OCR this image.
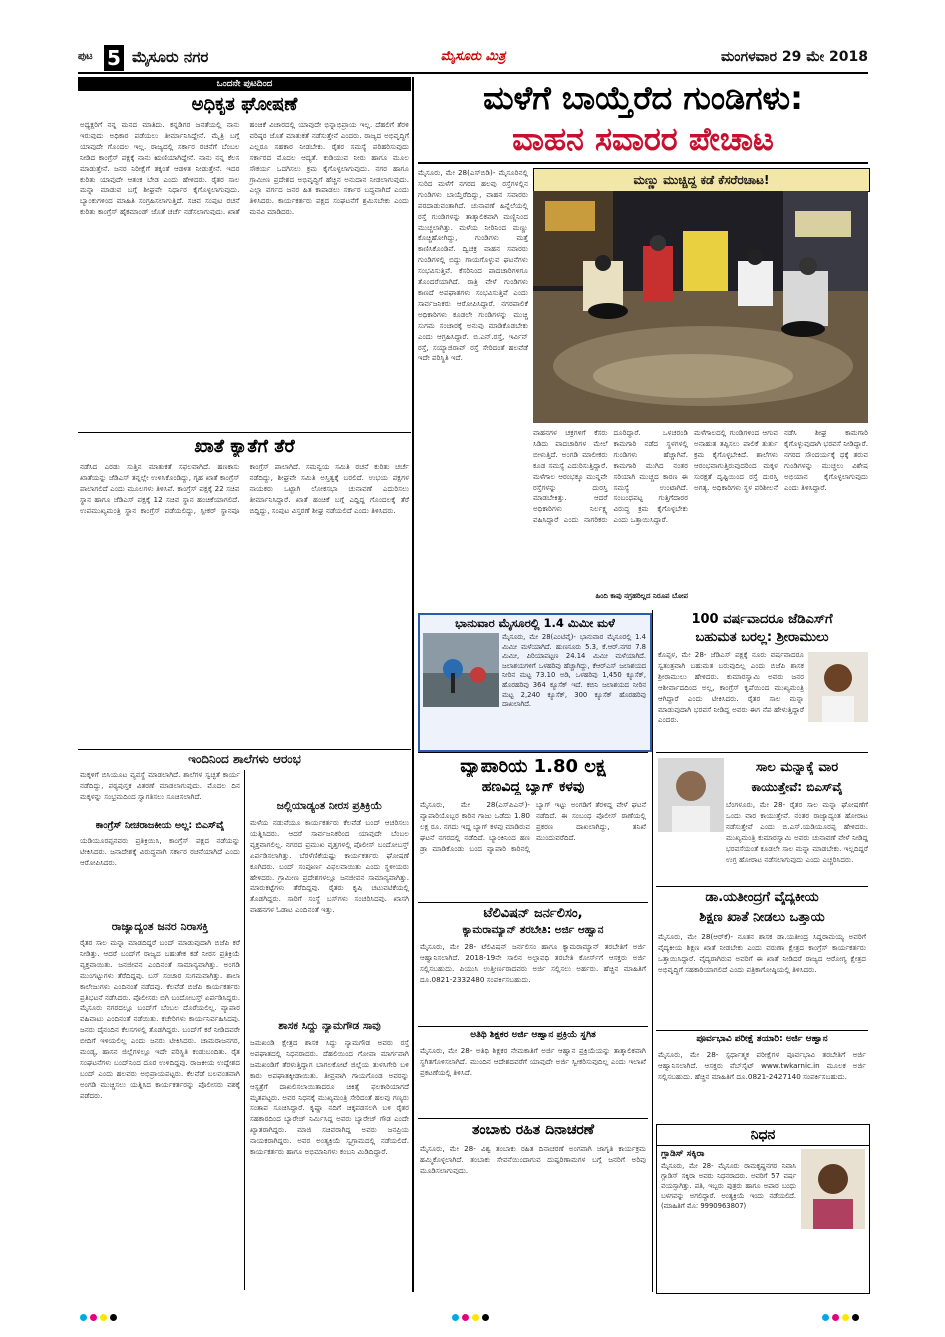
ಪುಟ 5 ಮೈಸೂರು ನಗರ	ಮೈಸೂರು ಮಿತ್ರ	ಮಂಗಳವಾರ 29 ಮೇ 2018
ಒಂದನೇ ಪುಟದಿಂದ
ಅಧಿಕೃತ ಘೋಷಣೆ
ಅಧ್ಯಕ್ಷರಿಗೆ ನನ್ನ ಮನದ ಮಾತಿದು. ಕನ್ನಡಿಗರ ಜನತೆಯಲ್ಲಿ ನಾನು ಇರುವುದು ಅಧಿಕಾರ ಪಡೆಯಲು ತೀರ್ಮಾನಿಸಿದ್ದೇನೆ. ಮೈತ್ರಿ ಬಗ್ಗೆ ಯಾವುದೇ ಗೊಂದಲ ಇಲ್ಲ. ರಾಜ್ಯದಲ್ಲಿ ಸರ್ಕಾರ ರಚನೆಗೆ ಬೆಂಬಲ ನೀಡಿದ ಕಾಂಗ್ರೆಸ್ ಪಕ್ಷಕ್ಕೆ ನಾನು ಋಣಿಯಾಗಿದ್ದೇನೆ. ನಾನು ನನ್ನ ಕೆಲಸ ಮಾಡುತ್ತೇನೆ. ಜನರ ನಿರೀಕ್ಷೆಗೆ ತಕ್ಕಂತೆ ಆಡಳಿತ ನೀಡುತ್ತೇನೆ. ಇದರ ಕುರಿತು ಯಾವುದೇ ಆತಂಕ ಬೇಡ ಎಂದು ಹೇಳಿದರು. ರೈತರ ಸಾಲ ಮನ್ನಾ ಮಾಡುವ ಬಗ್ಗೆ ಶೀಘ್ರವೇ ನಿರ್ಧಾರ ಕೈಗೊಳ್ಳಲಾಗುವುದು. ಬ್ಯಾಂಕುಗಳಿಂದ ಮಾಹಿತಿ ಸಂಗ್ರಹಿಸಲಾಗುತ್ತಿದೆ. ಸಚಿವ ಸಂಪುಟ ರಚನೆ ಕುರಿತು ಕಾಂಗ್ರೆಸ್ ಹೈಕಮಾಂಡ್ ಜೊತೆ ಚರ್ಚೆ ನಡೆಸಲಾಗುವುದು. ಖಾತೆ ಹಂಚಿಕೆ ವಿಚಾರದಲ್ಲಿ ಯಾವುದೇ ಭಿನ್ನಾಭಿಪ್ರಾಯ ಇಲ್ಲ. ದೆಹಲಿಗೆ ತೆರಳಿ ವರಿಷ್ಠರ ಜೊತೆ ಮಾತುಕತೆ ನಡೆಸುತ್ತೇನೆ ಎಂದರು. ರಾಜ್ಯದ ಅಭಿವೃದ್ಧಿಗೆ ಎಲ್ಲರೂ ಸಹಕಾರ ನೀಡಬೇಕು. ರೈತರ ಸಮಸ್ಯೆ ಪರಿಹರಿಸುವುದು ಸರ್ಕಾರದ ಮೊದಲ ಆದ್ಯತೆ. ಕುಡಿಯುವ ನೀರು ಹಾಗೂ ಮೂಲ ಸೌಕರ್ಯ ಒದಗಿಸಲು ಕ್ರಮ ಕೈಗೊಳ್ಳಲಾಗುವುದು. ನಗರ ಹಾಗೂ ಗ್ರಾಮೀಣ ಪ್ರದೇಶದ ಅಭಿವೃದ್ಧಿಗೆ ಹೆಚ್ಚಿನ ಅನುದಾನ ನೀಡಲಾಗುವುದು. ಎಲ್ಲಾ ವರ್ಗದ ಜನರ ಹಿತ ಕಾಪಾಡಲು ಸರ್ಕಾರ ಬದ್ಧವಾಗಿದೆ ಎಂದು ತಿಳಿಸಿದರು. ಕಾರ್ಯಕರ್ತರು ಪಕ್ಷದ ಸಂಘಟನೆಗೆ ಶ್ರಮಿಸಬೇಕು ಎಂದು ಮನವಿ ಮಾಡಿದರು.
ಖಾತೆ ಕ್ಯಾತೆಗೆ ತೆರೆ
ನಡೆಸಿದ ಎರಡು ಸುತ್ತಿನ ಮಾತುಕತೆ ಸಫಲವಾಗಿದೆ. ಹಣಕಾಸು ಖಾತೆಯನ್ನು ಜೆಡಿಎಸ್ ತನ್ನಲ್ಲೇ ಉಳಿಸಿಕೊಂಡಿದ್ದು, ಗೃಹ ಖಾತೆ ಕಾಂಗ್ರೆಸ್ ಪಾಲಾಗಲಿದೆ ಎಂದು ಮೂಲಗಳು ತಿಳಿಸಿವೆ. ಕಾಂಗ್ರೆಸ್ ಪಕ್ಷಕ್ಕೆ 22 ಸಚಿವ ಸ್ಥಾನ ಹಾಗೂ ಜೆಡಿಎಸ್ ಪಕ್ಷಕ್ಕೆ 12 ಸಚಿವ ಸ್ಥಾನ ಹಂಚಿಕೆಯಾಗಲಿದೆ. ಉಪಮುಖ್ಯಮಂತ್ರಿ ಸ್ಥಾನ ಕಾಂಗ್ರೆಸ್ ಪಡೆಯಲಿದ್ದು, ಸ್ಪೀಕರ್ ಸ್ಥಾನವೂ ಕಾಂಗ್ರೆಸ್ ಪಾಲಾಗಿದೆ. ಸಮನ್ವಯ ಸಮಿತಿ ರಚನೆ ಕುರಿತು ಚರ್ಚೆ ನಡೆದಿದ್ದು, ಶೀಘ್ರವೇ ಸಮಿತಿ ಅಸ್ತಿತ್ವಕ್ಕೆ ಬರಲಿದೆ. ಉಭಯ ಪಕ್ಷಗಳ ನಾಯಕರು ಒಟ್ಟಾಗಿ ಲೋಕಸಭಾ ಚುನಾವಣೆ ಎದುರಿಸಲು ತೀರ್ಮಾನಿಸಿದ್ದಾರೆ. ಖಾತೆ ಹಂಚಿಕೆ ಬಗ್ಗೆ ಎದ್ದಿದ್ದ ಗೊಂದಲಕ್ಕೆ ತೆರೆ ಬಿದ್ದಿದ್ದು, ಸಂಪುಟ ವಿಸ್ತರಣೆ ಶೀಘ್ರ ನಡೆಯಲಿದೆ ಎಂದು ತಿಳಿಸಿದರು.
ಇಂದಿನಿಂದ ಶಾಲೆಗಳು ಆರಂಭ
ಮಕ್ಕಳಿಗೆ ಬಿಸಿಯೂಟ ವ್ಯವಸ್ಥೆ ಮಾಡಲಾಗಿದೆ. ಶಾಲೆಗಳ ಸ್ವಚ್ಛತೆ ಕಾರ್ಯ ನಡೆದಿದ್ದು, ಪಠ್ಯಪುಸ್ತಕ ವಿತರಣೆ ಮಾಡಲಾಗುವುದು. ಮೊದಲ ದಿನ ಮಕ್ಕಳನ್ನು ಸಂಭ್ರಮದಿಂದ ಸ್ವಾಗತಿಸಲು ಸೂಚಿಸಲಾಗಿದೆ.
ಕಾಂಗ್ರೆಸ್ ನೀಚರಾಜಕೀಯ ಅಲ್ಲ: ಬಿಎಸ್‌ವೈ
ಯಡಿಯೂರಪ್ಪನವರು ಪ್ರತಿಕ್ರಿಯಿಸಿ, ಕಾಂಗ್ರೆಸ್ ಪಕ್ಷದ ನಡೆಯನ್ನು ಟೀಕಿಸಿದರು. ಜನಾದೇಶಕ್ಕೆ ವಿರುದ್ಧವಾಗಿ ಸರ್ಕಾರ ರಚನೆಯಾಗಿದೆ ಎಂದು ಆರೋಪಿಸಿದರು.
ರಾಜ್ಯಾದ್ಯಂತ ಜನರ ನಿರಾಸಕ್ತಿ
ರೈತರ ಸಾಲ ಮನ್ನಾ ಮಾಡದಿದ್ದರೆ ಬಂದ್ ಮಾಡುವುದಾಗಿ ಬಿಜೆಪಿ ಕರೆ ನೀಡಿತ್ತು. ಆದರೆ ಬಂದ್‌ಗೆ ರಾಜ್ಯದ ಬಹುತೇಕ ಕಡೆ ನೀರಸ ಪ್ರತಿಕ್ರಿಯೆ ವ್ಯಕ್ತವಾಯಿತು. ಜನಜೀವನ ಎಂದಿನಂತೆ ಸಾಮಾನ್ಯವಾಗಿತ್ತು. ಅಂಗಡಿ ಮುಂಗಟ್ಟುಗಳು ತೆರೆದಿದ್ದವು. ಬಸ್ ಸಂಚಾರ ಸುಗಮವಾಗಿತ್ತು. ಶಾಲಾ ಕಾಲೇಜುಗಳು ಎಂದಿನಂತೆ ನಡೆದವು. ಕೆಲವೆಡೆ ಬಿಜೆಪಿ ಕಾರ್ಯಕರ್ತರು ಪ್ರತಿಭಟನೆ ನಡೆಸಿದರು. ಪೊಲೀಸರು ಬಿಗಿ ಬಂದೋಬಸ್ತ್ ಏರ್ಪಡಿಸಿದ್ದರು. ಮೈಸೂರು ನಗರದಲ್ಲೂ ಬಂದ್‌ಗೆ ಬೆಂಬಲ ದೊರೆಯಲಿಲ್ಲ. ವ್ಯಾಪಾರ ವಹಿವಾಟು ಎಂದಿನಂತೆ ನಡೆಯಿತು. ಕಚೇರಿಗಳು ಕಾರ್ಯನಿರ್ವಹಿಸಿದವು. ಜನರು ದೈನಂದಿನ ಕೆಲಸಗಳಲ್ಲಿ ತೊಡಗಿದ್ದರು. ಬಂದ್‌ಗೆ ಕರೆ ನೀಡಿದವರೇ ಬೀದಿಗೆ ಇಳಿಯಲಿಲ್ಲ ಎಂದು ಜನರು ಟೀಕಿಸಿದರು. ಚಾಮರಾಜನಗರ, ಮಂಡ್ಯ, ಹಾಸನ ಜಿಲ್ಲೆಗಳಲ್ಲೂ ಇದೇ ಪರಿಸ್ಥಿತಿ ಕಂಡುಬಂದಿತು. ರೈತ ಸಂಘಟನೆಗಳು ಬಂದ್‌ನಿಂದ ದೂರ ಉಳಿದಿದ್ದವು. ರಾಜಕೀಯ ಉದ್ದೇಶದ ಬಂದ್ ಎಂದು ಹಲವರು ಅಭಿಪ್ರಾಯಪಟ್ಟರು. ಕೆಲವೆಡೆ ಬಲವಂತವಾಗಿ ಅಂಗಡಿ ಮುಚ್ಚಿಸಲು ಯತ್ನಿಸಿದ ಕಾರ್ಯಕರ್ತರನ್ನು ಪೊಲೀಸರು ವಶಕ್ಕೆ ಪಡೆದರು.
ಜಲ್ಲಿಯಾಡ್ಯಂತ ನೀರಸ ಪ್ರತಿಕ್ರಿಯೆ
ಮಳೆಯ ನಡುವೆಯೂ ಕಾರ್ಯಕರ್ತರು ಕೆಲವೆಡೆ ಬಂದ್ ಆಚರಿಸಲು ಯತ್ನಿಸಿದರು. ಆದರೆ ಸಾರ್ವಜನಿಕರಿಂದ ಯಾವುದೇ ಬೆಂಬಲ ವ್ಯಕ್ತವಾಗಲಿಲ್ಲ. ನಗರದ ಪ್ರಮುಖ ವೃತ್ತಗಳಲ್ಲಿ ಪೊಲೀಸ್ ಬಂದೋಬಸ್ತ್ ಏರ್ಪಡಿಸಲಾಗಿತ್ತು. ಬೆರಳೆಣಿಕೆಯಷ್ಟು ಕಾರ್ಯಕರ್ತರು ಘೋಷಣೆ ಕೂಗಿದರು. ಬಂದ್ ಸಂಪೂರ್ಣ ವಿಫಲವಾಯಿತು ಎಂದು ಸ್ಥಳೀಯರು ಹೇಳಿದರು. ಗ್ರಾಮೀಣ ಪ್ರದೇಶಗಳಲ್ಲೂ ಜನಜೀವನ ಸಾಮಾನ್ಯವಾಗಿತ್ತು. ಮಾರುಕಟ್ಟೆಗಳು ತೆರೆದಿದ್ದವು. ರೈತರು ಕೃಷಿ ಚಟುವಟಿಕೆಯಲ್ಲಿ ತೊಡಗಿದ್ದರು. ಸಾರಿಗೆ ಸಂಸ್ಥೆ ಬಸ್‌ಗಳು ಸಂಚರಿಸಿದವು. ಖಾಸಗಿ ವಾಹನಗಳ ಓಡಾಟ ಎಂದಿನಂತೆ ಇತ್ತು.
ಶಾಸಕ ಸಿದ್ದು ನ್ಯಾಮಗೌಡ ಸಾವು
ಜಮಖಂಡಿ ಕ್ಷೇತ್ರದ ಶಾಸಕ ಸಿದ್ದು ನ್ಯಾಮಗೌಡ ಅವರು ರಸ್ತೆ ಅಪಘಾತದಲ್ಲಿ ನಿಧನರಾದರು. ದೆಹಲಿಯಿಂದ ಗೋವಾ ಮಾರ್ಗವಾಗಿ ಜಮಖಂಡಿಗೆ ತೆರಳುತ್ತಿದ್ದಾಗ ಬಾಗಲಕೋಟೆ ಜಿಲ್ಲೆಯ ತುಳಸಿಗೇರಿ ಬಳಿ ಕಾರು ಅಪಘಾತಕ್ಕೀಡಾಯಿತು. ತೀವ್ರವಾಗಿ ಗಾಯಗೊಂಡ ಅವರನ್ನು ಆಸ್ಪತ್ರೆಗೆ ದಾಖಲಿಸಲಾಯಿತಾದರೂ ಚಿಕಿತ್ಸೆ ಫಲಕಾರಿಯಾಗದೆ ಮೃತಪಟ್ಟರು. ಅವರ ನಿಧನಕ್ಕೆ ಮುಖ್ಯಮಂತ್ರಿ ಸೇರಿದಂತೆ ಹಲವು ಗಣ್ಯರು ಸಂತಾಪ ಸೂಚಿಸಿದ್ದಾರೆ. ಕೃಷ್ಣಾ ನದಿಗೆ ಚಿಕ್ಕಪಡಸಲಗಿ ಬಳಿ ರೈತರ ಸಹಕಾರದಿಂದ ಬ್ಯಾರೇಜ್ ನಿರ್ಮಿಸಿದ್ದ ಅವರು ಬ್ಯಾರೇಜ್ ಗೌಡ ಎಂದೇ ಖ್ಯಾತರಾಗಿದ್ದರು. ಮಾಜಿ ಸಚಿವರಾಗಿದ್ದ ಅವರು ಜನಪ್ರಿಯ ನಾಯಕರಾಗಿದ್ದರು. ಅವರ ಅಂತ್ಯಕ್ರಿಯೆ ಸ್ವಗ್ರಾಮದಲ್ಲಿ ನಡೆಯಲಿದೆ. ಕಾರ್ಯಕರ್ತರು ಹಾಗೂ ಅಭಿಮಾನಿಗಳು ಕಂಬನಿ ಮಿಡಿದಿದ್ದಾರೆ.
ಮಳೆಗೆ ಬಾಯ್ತೆರೆದ ಗುಂಡಿಗಳು:
ವಾಹನ ಸವಾರರ ಪೇಚಾಟ
ಮೈಸೂರು, ಮೇ 28(ಎಸ್‌ಬಿಡಿ)- ಮೈಸೂರಿನಲ್ಲಿ ಸುರಿದ ಮಳೆಗೆ ನಗರದ ಹಲವು ರಸ್ತೆಗಳಲ್ಲಿನ ಗುಂಡಿಗಳು ಬಾಯ್ತೆರೆದಿದ್ದು, ವಾಹನ ಸವಾರರು ಪರದಾಡುವಂತಾಗಿದೆ. ಚುನಾವಣೆ ಹಿನ್ನೆಲೆಯಲ್ಲಿ ರಸ್ತೆ ಗುಂಡಿಗಳನ್ನು ತಾತ್ಕಾಲಿಕವಾಗಿ ಮಣ್ಣಿನಿಂದ ಮುಚ್ಚಲಾಗಿತ್ತು. ಮಳೆಯ ನೀರಿನಿಂದ ಮಣ್ಣು ಕೊಚ್ಚಿಹೋಗಿದ್ದು, ಗುಂಡಿಗಳು ಮತ್ತೆ ಕಾಣಿಸಿಕೊಂಡಿವೆ. ದ್ವಿಚಕ್ರ ವಾಹನ ಸವಾರರು ಗುಂಡಿಗಳಲ್ಲಿ ಬಿದ್ದು ಗಾಯಗೊಳ್ಳುವ ಘಟನೆಗಳು ಸಂಭವಿಸುತ್ತಿವೆ. ಕೆಸರಿನಿಂದ ಪಾದಚಾರಿಗಳಿಗೂ ತೊಂದರೆಯಾಗಿದೆ. ರಾತ್ರಿ ವೇಳೆ ಗುಂಡಿಗಳು ಕಾಣದೆ ಅಪಘಾತಗಳು ಸಂಭವಿಸುತ್ತಿವೆ ಎಂದು ಸಾರ್ವಜನಿಕರು ಆರೋಪಿಸಿದ್ದಾರೆ. ನಗರಪಾಲಿಕೆ ಅಧಿಕಾರಿಗಳು ಕೂಡಲೇ ಗುಂಡಿಗಳನ್ನು ಮುಚ್ಚಿ ಸುಗಮ ಸಂಚಾರಕ್ಕೆ ಅನುವು ಮಾಡಿಕೊಡಬೇಕು ಎಂದು ಆಗ್ರಹಿಸಿದ್ದಾರೆ. ಬಿ.ಎನ್.ರಸ್ತೆ, ಇರ್ವಿನ್ ರಸ್ತೆ, ಸಯ್ಯಾಜಿರಾವ್ ರಸ್ತೆ ಸೇರಿದಂತೆ ಹಲವೆಡೆ ಇದೇ ಪರಿಸ್ಥಿತಿ ಇದೆ.
ಮಣ್ಣು ಮುಚ್ಚಿದ್ದ ಕಡೆ ಕೆಸರೆರಚಾಟ!
ವಾಹನಗಳ ಚಕ್ರಗಳಿಗೆ ಕೆಸರು ಸಿಡಿದು ಪಾದಚಾರಿಗಳ ಮೇಲೆ ಬೀಳುತ್ತಿದೆ. ಅಂಗಡಿ ಮಾಲೀಕರು ಕೂಡ ಸಮಸ್ಯೆ ಎದುರಿಸುತ್ತಿದ್ದಾರೆ. ಮಳೆಗಾಲ ಆರಂಭಕ್ಕೂ ಮುನ್ನವೇ ರಸ್ತೆಗಳನ್ನು ದುರಸ್ತಿ ಮಾಡಬೇಕಿತ್ತು. ಆದರೆ ಅಧಿಕಾರಿಗಳು ನಿರ್ಲಕ್ಷ್ಯ ವಹಿಸಿದ್ದಾರೆ ಎಂದು ನಾಗರಿಕರು ದೂರಿದ್ದಾರೆ. ಒಳಚರಂಡಿ ಕಾಮಗಾರಿ ನಡೆದ ಸ್ಥಳಗಳಲ್ಲಿ ಗುಂಡಿಗಳು ಹೆಚ್ಚಾಗಿವೆ. ಕಾಮಗಾರಿ ಮುಗಿದ ನಂತರ ಸರಿಯಾಗಿ ಮುಚ್ಚದ ಕಾರಣ ಈ ಸಮಸ್ಯೆ ಉಂಟಾಗಿದೆ. ಸಂಬಂಧಪಟ್ಟ ಗುತ್ತಿಗೆದಾರರ ವಿರುದ್ಧ ಕ್ರಮ ಕೈಗೊಳ್ಳಬೇಕು ಎಂದು ಒತ್ತಾಯಿಸಿದ್ದಾರೆ.
ಮಳೆಗಾಲದಲ್ಲಿ ಗುಂಡಿಗಳಿಂದ ಆಗುವ ಅನಾಹುತ ತಪ್ಪಿಸಲು ಪಾಲಿಕೆ ತುರ್ತು ಕ್ರಮ ಕೈಗೊಳ್ಳಬೇಕಿದೆ. ಶಾಲೆಗಳು ಆರಂಭವಾಗುತ್ತಿರುವುದರಿಂದ ಮಕ್ಕಳ ಸುರಕ್ಷತೆ ದೃಷ್ಟಿಯಿಂದ ರಸ್ತೆ ದುರಸ್ತಿ ಅಗತ್ಯ. ಅಧಿಕಾರಿಗಳು ಸ್ಥಳ ಪರಿಶೀಲನೆ ನಡೆಸಿ ಶೀಘ್ರ ಕಾಮಗಾರಿ ಕೈಗೊಳ್ಳುವುದಾಗಿ ಭರವಸೆ ನೀಡಿದ್ದಾರೆ. ನಗರದ ಸೌಂದರ್ಯಕ್ಕೆ ಧಕ್ಕೆ ತರುವ ಗುಂಡಿಗಳನ್ನು ಮುಚ್ಚಲು ವಿಶೇಷ ಅಭಿಯಾನ ಕೈಗೊಳ್ಳಲಾಗುವುದು ಎಂದು ತಿಳಿಸಿದ್ದಾರೆ.
ಹಿಂದಿ ಕಾಪು ನಗ್ರಹರಿಲ್ಲದ ನಿರೂಪ ಬೋಪ
ಭಾನುವಾರ ಮೈಸೂರಲ್ಲಿ 1.4 ಮಿಮೀ ಮಳೆ
ಮೈಸೂರು, ಮೇ 28(ಎಂಟಿವೈ)- ಭಾನುವಾರ ಮೈಸೂರಲ್ಲಿ 1.4 ಮಿಮೀ ಮಳೆಯಾಗಿದೆ. ಹುಣಸೂರು 5.3, ಕೆ.ಆರ್.ನಗರ 7.8 ಮಿಮೀ, ಪಿರಿಯಾಪಟ್ಟಣ 24.14 ಮಿಮೀ ಮಳೆಯಾಗಿದೆ. ಜಲಾಶಯಗಳಿಗೆ ಒಳಹರಿವು ಹೆಚ್ಚಾಗಿದ್ದು, ಕೆಆರ್‌ಎಸ್ ಜಲಾಶಯದ ನೀರಿನ ಮಟ್ಟ 73.10 ಅಡಿ, ಒಳಹರಿವು 1,450 ಕ್ಯೂಸೆಕ್, ಹೊರಹರಿವು 364 ಕ್ಯೂಸೆಕ್ ಇದೆ. ಕಬಿನಿ ಜಲಾಶಯದ ನೀರಿನ ಮಟ್ಟ 2,240 ಕ್ಯೂಸೆಕ್, 300 ಕ್ಯೂಸೆಕ್ ಹೊರಹರಿವು ದಾಖಲಾಗಿದೆ.
ವ್ಯಾಪಾರಿಯ 1.80 ಲಕ್ಷ
ಹಣವಿದ್ದ ಬ್ಯಾಗ್ ಕಳವು
ಮೈಸೂರು, ಮೇ 28(ಎಸ್‌ಪಿಎನ್)- ವ್ಯಾಪಾರಿಯೊಬ್ಬರ ಕಾರಿನ ಗಾಜು ಒಡೆದು 1.80 ಲಕ್ಷ ರೂ. ನಗದು ಇದ್ದ ಬ್ಯಾಗ್ ಕಳವು ಮಾಡಿರುವ ಘಟನೆ ನಗರದಲ್ಲಿ ನಡೆದಿದೆ. ಬ್ಯಾಂಕಿನಿಂದ ಹಣ ಡ್ರಾ ಮಾಡಿಕೊಂಡು ಬಂದ ವ್ಯಾಪಾರಿ ಕಾರಿನಲ್ಲಿ ಬ್ಯಾಗ್ ಇಟ್ಟು ಅಂಗಡಿಗೆ ತೆರಳಿದ್ದ ವೇಳೆ ಘಟನೆ ನಡೆದಿದೆ. ಈ ಸಂಬಂಧ ಪೊಲೀಸ್ ಠಾಣೆಯಲ್ಲಿ ಪ್ರಕರಣ ದಾಖಲಾಗಿದ್ದು, ತನಿಖೆ ಮುಂದುವರೆದಿದೆ.
ಟೆಲಿವಿಷನ್ ಜರ್ನಲಿಸಂ,
ಕ್ಯಾಮರಾಮ್ಯಾನ್ ತರಬೇತಿ: ಅರ್ಜಿ ಆಹ್ವಾನ
ಮೈಸೂರು, ಮೇ 28- ಟೆಲಿವಿಷನ್ ಜರ್ನಲಿಸಂ ಹಾಗೂ ಕ್ಯಾಮರಾಮ್ಯಾನ್ ತರಬೇತಿಗೆ ಅರ್ಜಿ ಆಹ್ವಾನಿಸಲಾಗಿದೆ. 2018-19ನೇ ಸಾಲಿನ ಅಲ್ಪಾವಧಿ ತರಬೇತಿ ಕೋರ್ಸ್‌ಗೆ ಆಸಕ್ತರು ಅರ್ಜಿ ಸಲ್ಲಿಸಬಹುದು. ಪಿಯುಸಿ ಉತ್ತೀರ್ಣರಾದವರು ಅರ್ಜಿ ಸಲ್ಲಿಸಲು ಅರ್ಹರು. ಹೆಚ್ಚಿನ ಮಾಹಿತಿಗೆ ದೂ.0821-2332480 ಸಂಪರ್ಕಿಸಬಹುದು.
ಅತಿಥಿ ಶಿಕ್ಷಕರ ಅರ್ಜಿ ಆಹ್ವಾನ ಪ್ರಕ್ರಿಯೆ ಸ್ಥಗಿತ
ಮೈಸೂರು, ಮೇ 28- ಅತಿಥಿ ಶಿಕ್ಷಕರ ನೇಮಕಾತಿಗೆ ಅರ್ಜಿ ಆಹ್ವಾನ ಪ್ರಕ್ರಿಯೆಯನ್ನು ತಾತ್ಕಾಲಿಕವಾಗಿ ಸ್ಥಗಿತಗೊಳಿಸಲಾಗಿದೆ. ಮುಂದಿನ ಆದೇಶದವರೆಗೆ ಯಾವುದೇ ಅರ್ಜಿ ಸ್ವೀಕರಿಸುವುದಿಲ್ಲ ಎಂದು ಇಲಾಖೆ ಪ್ರಕಟಣೆಯಲ್ಲಿ ತಿಳಿಸಿದೆ.
ತಂಬಾಕು ರಹಿತ ದಿನಾಚರಣೆ
ಮೈಸೂರು, ಮೇ 28- ವಿಶ್ವ ತಂಬಾಕು ರಹಿತ ದಿನಾಚರಣೆ ಅಂಗವಾಗಿ ಜಾಗೃತಿ ಕಾರ್ಯಕ್ರಮ ಹಮ್ಮಿಕೊಳ್ಳಲಾಗಿದೆ. ತಂಬಾಕು ಸೇವನೆಯಿಂದಾಗುವ ದುಷ್ಪರಿಣಾಮಗಳ ಬಗ್ಗೆ ಜನರಿಗೆ ಅರಿವು ಮೂಡಿಸಲಾಗುವುದು.
100 ವರ್ಷವಾದರೂ ಜೆಡಿಎಸ್‌ಗೆ
ಬಹುಮತ ಬರಲ್ಲ: ಶ್ರೀರಾಮುಲು
ಕೊಪ್ಪಳ, ಮೇ 28- ಜೆಡಿಎಸ್ ಪಕ್ಷಕ್ಕೆ ನೂರು ವರ್ಷವಾದರೂ ಸ್ವತಂತ್ರವಾಗಿ ಬಹುಮತ ಬರುವುದಿಲ್ಲ ಎಂದು ಬಿಜೆಪಿ ಶಾಸಕ ಶ್ರೀರಾಮುಲು ಹೇಳಿದರು. ಕುಮಾರಸ್ವಾಮಿ ಅವರು ಜನರ ಆಶೀರ್ವಾದದಿಂದ ಅಲ್ಲ, ಕಾಂಗ್ರೆಸ್ ಕೃಪೆಯಿಂದ ಮುಖ್ಯಮಂತ್ರಿ ಆಗಿದ್ದಾರೆ ಎಂದು ಟೀಕಿಸಿದರು. ರೈತರ ಸಾಲ ಮನ್ನಾ ಮಾಡುವುದಾಗಿ ಭರವಸೆ ನೀಡಿದ್ದ ಅವರು ಈಗ ನೆಪ ಹೇಳುತ್ತಿದ್ದಾರೆ ಎಂದರು.
ಸಾಲ ಮನ್ನಾಕ್ಕೆ ವಾರ
ಕಾಯುತ್ತೇವೆ: ಬಿಎಸ್‌ವೈ
ಬೆಂಗಳೂರು, ಮೇ 28- ರೈತರ ಸಾಲ ಮನ್ನಾ ಘೋಷಣೆಗೆ ಒಂದು ವಾರ ಕಾಯುತ್ತೇವೆ. ನಂತರ ರಾಜ್ಯಾದ್ಯಂತ ಹೋರಾಟ ನಡೆಸುತ್ತೇವೆ ಎಂದು ಬಿ.ಎಸ್.ಯಡಿಯೂರಪ್ಪ ಹೇಳಿದರು. ಮುಖ್ಯಮಂತ್ರಿ ಕುಮಾರಸ್ವಾಮಿ ಅವರು ಚುನಾವಣೆ ವೇಳೆ ನೀಡಿದ್ದ ಭರವಸೆಯಂತೆ ಕೂಡಲೇ ಸಾಲ ಮನ್ನಾ ಮಾಡಬೇಕು. ಇಲ್ಲದಿದ್ದರೆ ಉಗ್ರ ಹೋರಾಟ ನಡೆಸಲಾಗುವುದು ಎಂದು ಎಚ್ಚರಿಸಿದರು.
ಡಾ.ಯತೀಂದ್ರಗೆ ವೈದ್ಯಕೀಯ
ಶಿಕ್ಷಣ ಖಾತೆ ನೀಡಲು ಒತ್ತಾಯ
ಮೈಸೂರು, ಮೇ 28(ಆರ್‌ಕೆ)- ನೂತನ ಶಾಸಕ ಡಾ.ಯತೀಂದ್ರ ಸಿದ್ದರಾಮಯ್ಯ ಅವರಿಗೆ ವೈದ್ಯಕೀಯ ಶಿಕ್ಷಣ ಖಾತೆ ನೀಡಬೇಕು ಎಂದು ವರುಣಾ ಕ್ಷೇತ್ರದ ಕಾಂಗ್ರೆಸ್ ಕಾರ್ಯಕರ್ತರು ಒತ್ತಾಯಿಸಿದ್ದಾರೆ. ವೈದ್ಯರಾಗಿರುವ ಅವರಿಗೆ ಈ ಖಾತೆ ನೀಡಿದರೆ ರಾಜ್ಯದ ಆರೋಗ್ಯ ಕ್ಷೇತ್ರದ ಅಭಿವೃದ್ಧಿಗೆ ಸಹಕಾರಿಯಾಗಲಿದೆ ಎಂದು ಪತ್ರಿಕಾಗೋಷ್ಠಿಯಲ್ಲಿ ತಿಳಿಸಿದರು.
ಪೂರ್ವಭಾವಿ ಪರೀಕ್ಷೆ ತಯಾರಿ: ಅರ್ಜಿ ಆಹ್ವಾನ
ಮೈಸೂರು, ಮೇ 28- ಸ್ಪರ್ಧಾತ್ಮಕ ಪರೀಕ್ಷೆಗಳ ಪೂರ್ವಭಾವಿ ತರಬೇತಿಗೆ ಅರ್ಜಿ ಆಹ್ವಾನಿಸಲಾಗಿದೆ. ಆಸಕ್ತರು ವೆಬ್‌ಸೈಟ್ www.twkarnic.in ಮೂಲಕ ಅರ್ಜಿ ಸಲ್ಲಿಸಬಹುದು. ಹೆಚ್ಚಿನ ಮಾಹಿತಿಗೆ ದೂ.0821-2427140 ಸಂಪರ್ಕಿಸಬಹುದು.
ನಿಧನ
ಗ್ಲಾಡಿಸ್ ಸಕ್ಕಿರಾ
ಮೈಸೂರು, ಮೇ 28- ಮೈಸೂರು ರಾಮಕೃಷ್ಣನಗರ ನಿವಾಸಿ ಗ್ಲಾಡಿಸ್ ಸಕ್ಕಿರಾ ಅವರು ನಿಧನರಾದರು. ಅವರಿಗೆ 57 ವರ್ಷ ವಯಸ್ಸಾಗಿತ್ತು. ಪತಿ, ಇಬ್ಬರು ಪುತ್ರರು ಹಾಗೂ ಅಪಾರ ಬಂಧು ಬಳಗವನ್ನು ಅಗಲಿದ್ದಾರೆ. ಅಂತ್ಯಕ್ರಿಯೆ ಇಂದು ನಡೆಯಲಿದೆ. (ಮಾಹಿತಿಗೆ ಮೊ: 9990963807)
